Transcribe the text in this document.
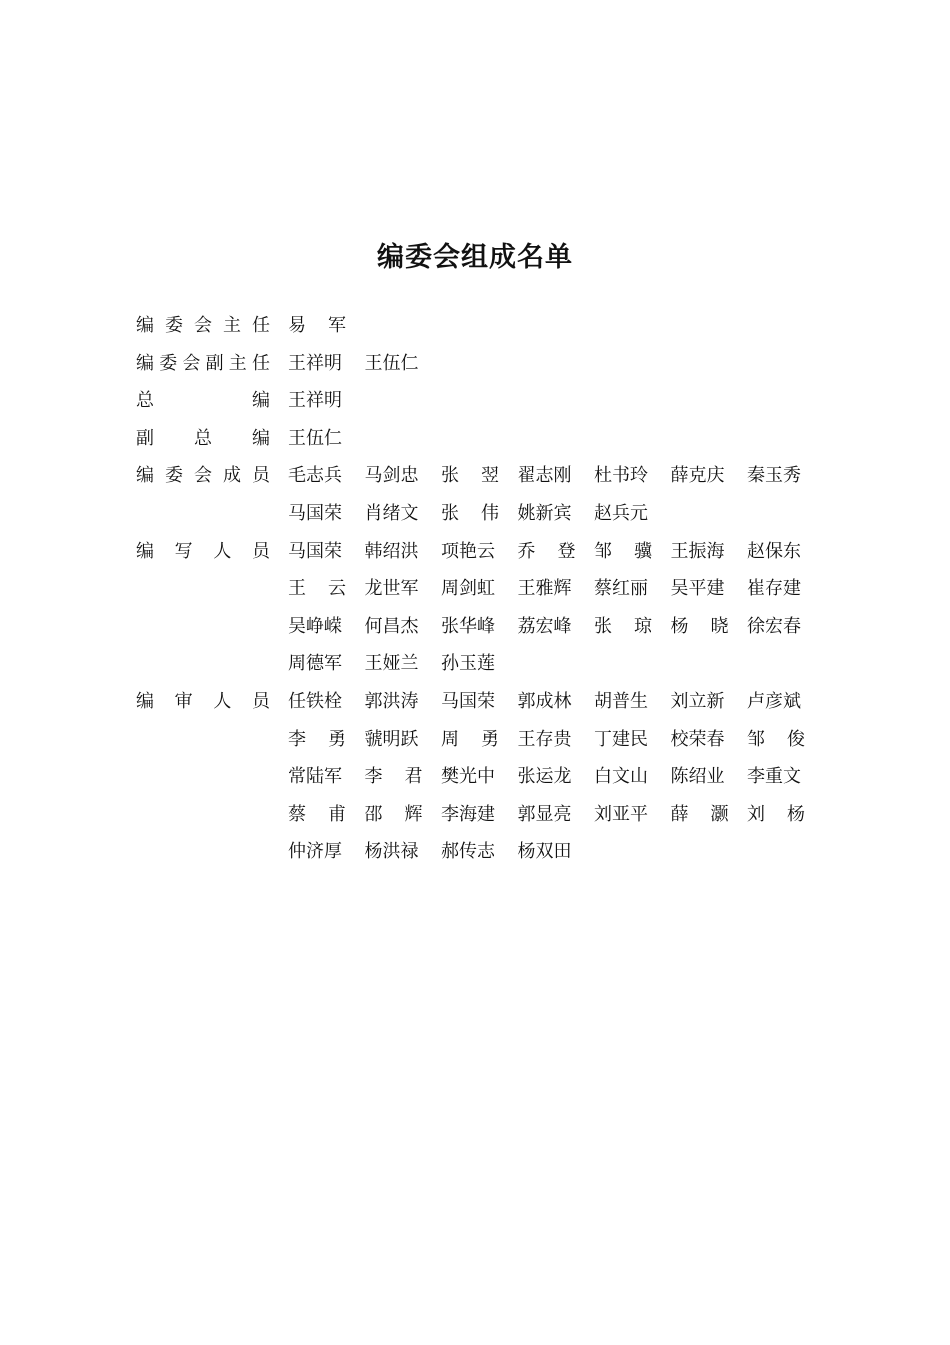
编委会组成名单
编 委 会 主 任 易 军
编 委 会 副 主 任 王祥明 王伍仁
总	编 王祥明
副 总 编 王伍仁
编 委 会 成 员 毛志兵 马剑忠 张 翌 翟志刚 杜书玲 薛克庆 秦玉秀
马国荣 肖绪文 张 伟 姚新宾 赵兵元
编 写 人 员 马国荣 韩绍洪 项艳云 乔 登 邹 骥 王振海 赵保东
王 云 龙世军 周剑虹 王雅辉 蔡红丽 吴平建 崔存建
吴峥嵘 何昌杰 张华峰 荔宏峰 张 琼 杨 晓 徐宏春
周德军 王娅兰 孙玉莲
编 审 人 员 任铁栓 郭洪涛 马国荣 郭成林 胡普生 刘立新 卢彦斌
李 勇 虢明跃 周 勇 王存贵 丁建民 校荣春 邹 俊
常陆军 李 君 樊光中 张运龙 白文山 陈绍业 李重文
蔡 甫 邵 辉 李海建 郭显亮 刘亚平 薛 灏 刘 杨
仲济厚 杨洪禄 郝传志 杨双田
